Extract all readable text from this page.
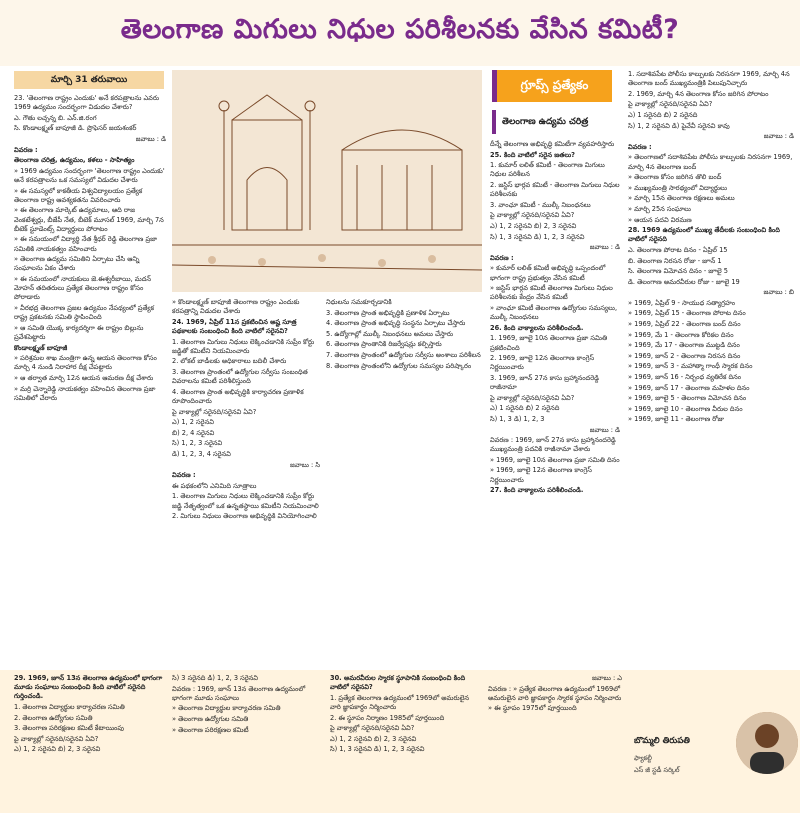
తెలంగాణ మిగులు నిధుల పరిశీలనకు వేసిన కమిటీ?
మార్చి 31 తరువాయి

23. 'తెలంగాణ రాష్ట్రం ఎందుకు' అనే కరపత్రాలను ఎవరు 1969 ఉద్యమం సందర్భంగా విడుదల చేశారు?

ఎ. గౌతు లచ్చన్న బి. ఎన్.జి.రంగ

సి. కొండాలక్ష్మణ్ బాపూజీ డి. ప్రొఫెసర్ జయశంకర్

జవాబు : డి

వివరణ :

తెలంగాణ చరిత్ర, ఉద్యమం, కళలు - సాహిత్యం

» 1969 ఉద్యమం సందర్భంగా 'తెలంగాణ రాష్ట్రం ఎందుకు' అనే కరపత్రాలను ఒక సమస్యలో విడుదల చేశారు

» ఈ సమస్యలో కాకతీయ విశ్వవిద్యాలయం ప్రత్యేక తెలంగాణ రాష్ట్ర ఆవశ్యకతను వివరించారు

» ఈ తెలంగాణ మార్కెట్ ఉద్యమాలు, ఆది రాజ వెంకటేశ్వర్లు, బీజేపీ నేత, బీటెక్ మూసల్ 1969, మార్చి 7న బీటెక్ స్టూడెంట్స్ విద్యార్థులు పోరాటం

» ఈ సమయంలో విద్యార్థి నేత శ్రీధర్ రెడ్డి తెలంగాణ ప్రజా సమితికి నాయకత్వం వహించారు

» తెలంగాణ ఉద్యమ సమితిని ఏర్పాటు చేసి ఆన్ని సంఘాలను ఏకం చేశారు

» ఈ సమయంలో నాయకులు జె.ఈశ్వరీబాయి, మదన్ మోహన్ తదితరులు ప్రత్యేక తెలంగాణ రాష్ట్రం కోసం పోరాడారు

» వీరభద్ర తెలంగాణ ప్రజల ఉద్యమం నేపథ్యంలో ప్రత్యేక రాష్ట్ర ప్రకటనకు సమితి స్థాపించింది

» ఆ సమితి యొక్క కార్యదర్శిగా ఈ రాష్ట్రం బిల్లును ప్రవేశపెట్టారు

కొండాలక్ష్మణ్ బాపూజీ

» పరిశ్రమల శాఖ మంత్రిగా ఉన్న ఆయన తెలంగాణ కోసం మార్చి 4 నుండి నిరాహార దీక్ష చేపట్టారు

» ఆ తర్వాత మార్చి 12న ఆయన ఆమరణ దీక్ష చేశారు

» మర్రి చెన్నారెడ్డి నాయకత్వం వహించిన తెలంగాణ ప్రజా సమితిలో చేరారు

» కొండాలక్ష్మణ్ బాపూజీ తెలంగాణ రాష్ట్రం ఎందుకు కరపత్రాన్ని విడుదల చేశారు

24. 1969, ఏప్రిల్ 11న ప్రకటించిన అష్ట సూత్ర పథకాలకు సంబంధించి కింది వాటిలో సరైనవి?

1. తెలంగాణ మిగులు నిధులు లెక్కించడానికి సుప్రీం కోర్టు జడ్జితో కమిటీని నియమించారు

2. లోకల్ బాడీలకు అధికారాలు బదిలీ చేశారు

3. తెలంగాణ ప్రాంతంలో ఉద్యోగుల సర్వీసు సంబంధిత వివరాలను కమిటీ పరిశీలిస్తుంది

4. తెలంగాణ ప్రాంత అభివృద్ధికి కార్యాచరణ ప్రణాళిక రూపొందించారు

పై వాక్యాల్లో సరైనది/సరైనవి ఏవి?

ఎ) 1, 2 సరైనవి

బి) 2, 4 సరైనవి

సి) 1, 2, 3 సరైనవి

డి) 1, 2, 3, 4 సరైనవి

జవాబు : సి

వివరణ :

ఈ పథకంలోని ఎనిమిది సూత్రాలు

1. తెలంగాణ మిగులు నిధులు లెక్కించడానికి సుప్రీం కోర్టు జడ్జి నేతృత్వంలో ఒక ఉన్నతస్థాయి కమిటీని నియమించాలి

2. మిగులు నిధులు తెలంగాణ అభివృద్ధికి వినియోగించాలి

నిధులను సమకూర్చడానికి

3. తెలంగాణ ప్రాంత అభివృద్ధికి ప్రణాళిక ఏర్పాటు

4. తెలంగాణ ప్రాంత అభివృద్ధి సంస్థను ఏర్పాటు చేస్తారు

5. ఉద్యోగాల్లో ముల్కీ నిబంధనలు అమలు చేస్తారు

6. తెలంగాణ ప్రాంతానికి రిజర్వేషన్లు కల్పిస్తారు

7. తెలంగాణ ప్రాంతంలో ఉద్యోగుల సర్వీసు అంశాలు పరిశీలన

8. తెలంగాణ ప్రాంతంలోని ఉద్యోగుల సమస్యల పరిష్కారం

గ్రూప్స్ ప్రత్యేకం
తెలంగాణ ఉద్యమ చరిత్ర

దీన్నే తెలంగాణ అభివృద్ధి కమిటీగా వ్యవహరిస్తారు

25. కింది వాటిలో సరైన జతలు?

1. కుమార్ లలిత్ కమిటీ - తెలంగాణ మిగులు నిధుల పరిశీలన

2. జస్టిస్ భార్గవ కమిటీ - తెలంగాణ మిగులు నిధుల పరిశీలనకు

3. వాంఛూ కమిటీ - ముల్కీ నిబంధనలు

పై వాక్యాల్లో సరైనది/సరైనవి ఏవి?

ఎ) 1, 2 సరైనవి బి) 2, 3 సరైనవి

సి) 1, 3 సరైనవి డి) 1, 2, 3 సరైనవి

జవాబు : డి

వివరణ :

» కుమార్ లలిత్ కమిటీ అభివృద్ధి ఒప్పందంలో భాగంగా రాష్ట్ర ప్రభుత్వం వేసిన కమిటీ

» జస్టిస్ భార్గవ కమిటీ తెలంగాణ మిగులు నిధుల పరిశీలనకు కేంద్రం వేసిన కమిటీ

» వాంఛూ కమిటీ తెలంగాణ ఉద్యోగుల సమస్యలు, ముల్కీ నిబంధనలు

26. కింది వాక్యాలను పరిశీలించండి.

1. 1969, జూలై 10న తెలంగాణ ప్రజా సమితి ప్రకటించింది

2. 1969, జూలై 12న తెలంగాణ కాంగ్రెస్ నిర్ణయించారు

3. 1969, జూన్ 27న కాసు బ్రహ్మానందరెడ్డి రాజీనామా

పై వాక్యాల్లో సరైనది/సరైనవి ఏవి?

ఎ) 1 సరైనది బి) 2 సరైనది

సి) 1, 3 డి) 1, 2, 3

జవాబు : డి

వివరణ : 1969, జూన్ 27న కాసు బ్రహ్మానందరెడ్డి ముఖ్యమంత్రి పదవికి రాజీనామా చేశారు

» 1969, జూలై 10న తెలంగాణ ప్రజా సమితి దినం

» 1969, జూలై 12న తెలంగాణ కాంగ్రెస్ నిర్ణయించారు

27. కింది వాక్యాలను పరిశీలించండి.

1. సదాశివపేట పోలీసు కాల్పులకు నిరసనగా 1969, మార్చి 4న తెలంగాణ బంద్ ముఖ్యమంత్రికి పిలుపునిచ్చారు

2. 1969, మార్చి 4న తెలంగాణ కోసం జరిగిన పోరాటం

పై వాక్యాల్లో సరైనది/సరైనవి ఏవి?

ఎ) 1 సరైనది బి) 2 సరైనది

సి) 1, 2 సరైనవి డి) పైవేవీ సరైనవి కావు

జవాబు : డి

వివరణ :

» తెలంగాణలో సదాశివపేట పోలీసు కాల్పులకు నిరసనగా 1969, మార్చి 4న తెలంగాణ బంద్

» తెలంగాణ కోసం జరిగిన తొలి బంద్

» ముఖ్యమంత్రి సారథ్యంలో విద్యార్థులు

» మార్చి 15న తెలంగాణ రక్షణలు అమలు

» మార్చి 25న సంఘాలు

» ఆయన పదవి విరమణ

28. 1969 ఉద్యమంలో ముఖ్య తేదీలకు సంబంధించి కింది వాటిలో సరైనది

ఎ. తెలంగాణ పోరాట దినం - ఏప్రిల్ 15

బి. తెలంగాణ నిరసన రోజు - జూన్ 1

సి. తెలంగాణ విమోచన దినం - జూలై 5

డి. తెలంగాణ అమరవీరుల రోజు - జూలై 19

జవాబు : బి

» 1969, ఏప్రిల్ 9 - సాయుధ సత్యాగ్రహం

» 1969, ఏప్రిల్ 15 - తెలంగాణ పోరాట దినం

» 1969, ఏప్రిల్ 22 - తెలంగాణ బంద్ దినం

» 1969, మే 1 - తెలంగాణ కోరికల దినం

» 1969, మే 17 - తెలంగాణ ముట్టడి దినం

» 1969, జూన్ 2 - తెలంగాణ నిరసన దినం

» 1969, జూన్ 3 - మహాత్మా గాంధీ స్మారక దినం

» 1969, జూన్ 16 - నిర్బంధ వ్యతిరేక దినం

» 1969, జూన్ 17 - తెలంగాణ మహిళల దినం

» 1969, జూలై 5 - తెలంగాణ విమోచన దినం

» 1969, జూలై 10 - తెలంగాణ వీరుల దినం

» 1969, జూలై 11 - తెలంగాణ రోజు

29. 1969, జూన్ 13న తెలంగాణ ఉద్యమంలో భాగంగా మూడు సంఘాలు సంబంధించి కింది వాటిలో సరైనది గుర్తించండి.

1. తెలంగాణ విద్యార్థుల కార్యాచరణ సమితి

2. తెలంగాణ ఉద్యోగుల సమితి

3. తెలంగాణ పరిరక్షణల కమిటీ కేటాయింపు

పై వాక్యాల్లో సరైనది/సరైనవి ఏవి?

ఎ) 1, 2 సరైనవి బి) 2, 3 సరైనవి

సి) 3 సరైనది డి) 1, 2, 3 సరైనవి

వివరణ : 1969, జూన్ 13న తెలంగాణ ఉద్యమంలో భాగంగా మూడు సంఘాలు

» తెలంగాణ విద్యార్థుల కార్యాచరణ సమితి

» తెలంగాణ ఉద్యోగుల సమితి

» తెలంగాణ పరిరక్షణల కమిటీ

30. అమరవీరుల స్మారక స్థూపానికి సంబంధించి కింది వాటిలో సరైనవి?

1. ప్రత్యేక తెలంగాణ ఉద్యమంలో 1969లో అమరులైన వారి జ్ఞాపకార్థం నిర్మించారు

2. ఈ స్థూపం నిర్మాణం 1985లో పూర్తయింది

పై వాక్యాల్లో సరైనది/సరైనవి ఏవి?

ఎ) 1, 2 సరైనవి బి) 2, 3 సరైనవి

సి) 1, 3 సరైనవి డి) 1, 2, 3 సరైనవి

జవాబు : ఎ

వివరణ : » ప్రత్యేక తెలంగాణ ఉద్యమంలో 1969లో అమరులైన వారి జ్ఞాపకార్థం స్మారక స్థూపం నిర్మించారు

» ఈ స్థూపం 1975లో పూర్తయింది

బొమ్మలి తిరుపతి
ఫ్యాకల్టీ
ఎస్ జీ స్టడీ సర్కిల్
